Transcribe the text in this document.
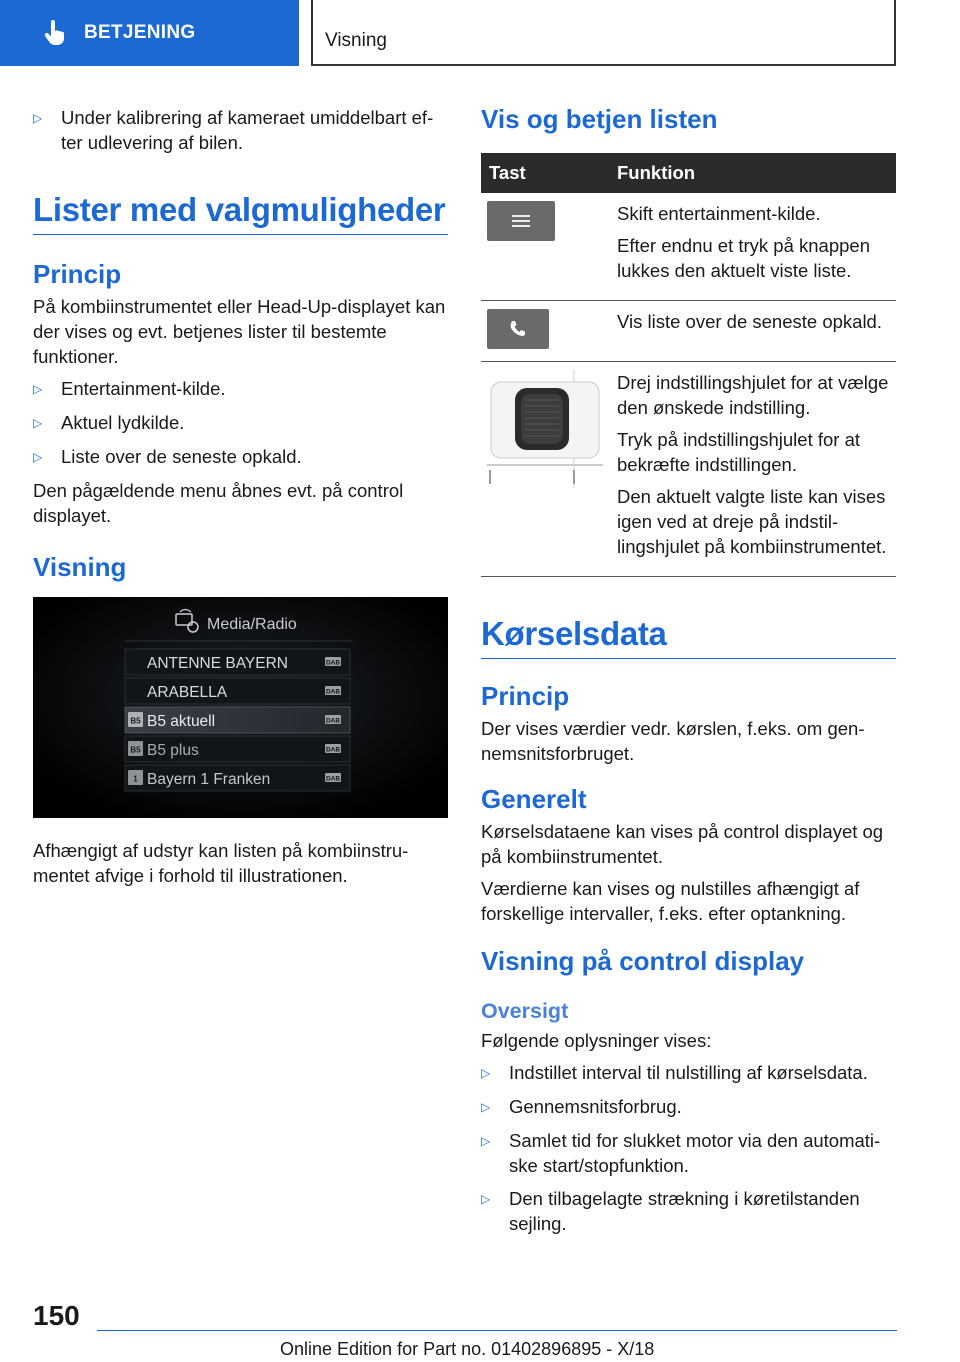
BETJENING	Visning
▷	Under kalibrering af kameraet umiddelbart efter udlevering af bilen.
Lister med valgmuligheder
Princip

På kombiinstrumentet eller Head-Up-displayet kan der vises og evt. betjenes lister til bestemte funktioner.

▷	Entertainment-kilde.
▷	Aktuel lydkilde.
▷	Liste over de seneste opkald.

Den pågældende menu åbnes evt. på control displayet.

Visning
Media/Radio
ANTENNE BAYERN	DAB
ARABELLA	DAB
B5 B5 aktuell	DAB
B5 B5 plus	DAB
1 Bayern 1 Franken	DAB

Afhængigt af udstyr kan listen på kombiinstrumentet afvige i forhold til illustrationen.

Vis og betjen listen
Tast	Funktion

Skift entertainment-kilde.

Efter endnu et tryk på knappen lukkes den aktuelt viste liste.

Vis liste over de seneste opkald.

Drej indstillingshjulet for at vælge den ønskede indstilling.

Tryk på indstillingshjulet for at bekræfte indstillingen.

Den aktuelt valgte liste kan vises igen ved at dreje på indstillingshjulet på kombiinstrumentet.

Kørselsdata
Princip

Der vises værdier vedr. kørslen, f.eks. om gennemsnitsforbruget.

Generelt

Kørselsdataene kan vises på control displayet og på kombiinstrumentet.

Værdierne kan vises og nulstilles afhængigt af forskellige intervaller, f.eks. efter optankning.

Visning på control display
Oversigt

Følgende oplysninger vises:

▷	Indstillet interval til nulstilling af kørselsdata.
▷	Gennemsnitsforbrug.
▷	Samlet tid for slukket motor via den automatiske start/stopfunktion.
▷	Den tilbagelagte strækning i køretilstanden sejling.
150
Online Edition for Part no. 01402896895 - X/18
